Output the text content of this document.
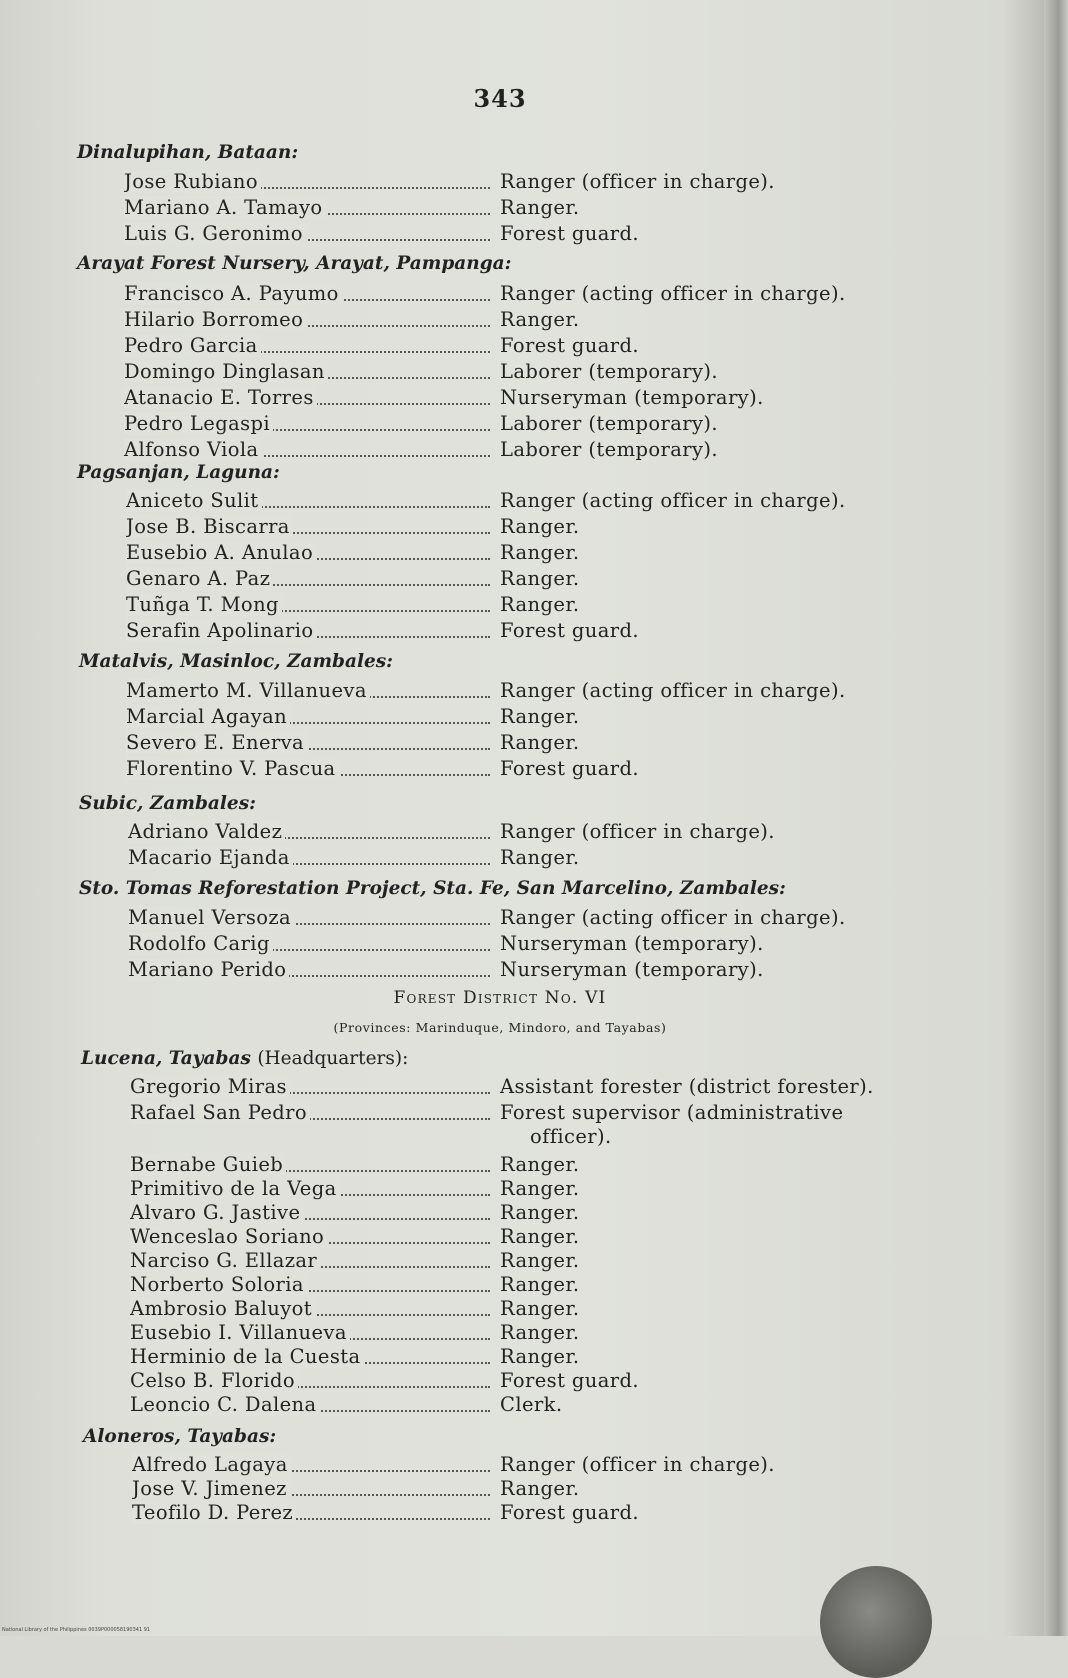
343
Dinalupihan, Bataan:
Jose Rubiano	Ranger (officer in charge).
Mariano A. Tamayo	Ranger.
Luis G. Geronimo	Forest guard.
Arayat Forest Nursery, Arayat, Pampanga:
Francisco A. Payumo	Ranger (acting officer in charge).
Hilario Borromeo	Ranger.
Pedro Garcia	Forest guard.
Domingo Dinglasan	Laborer (temporary).
Atanacio E. Torres	Nurseryman (temporary).
Pedro Legaspi	Laborer (temporary).
Alfonso Viola	Laborer (temporary).
Pagsanjan, Laguna:
Aniceto Sulit	Ranger (acting officer in charge).
Jose B. Biscarra	Ranger.
Eusebio A. Anulao	Ranger.
Genaro A. Paz	Ranger.
Tuñga T. Mong	Ranger.
Serafin Apolinario	Forest guard.
Matalvis, Masinloc, Zambales:
Mamerto M. Villanueva	Ranger (acting officer in charge).
Marcial Agayan	Ranger.
Severo E. Enerva	Ranger.
Florentino V. Pascua	Forest guard.
Subic, Zambales:
Adriano Valdez	Ranger (officer in charge).
Macario Ejanda	Ranger.
Sto. Tomas Reforestation Project, Sta. Fe, San Marcelino, Zambales:
Manuel Versoza	Ranger (acting officer in charge).
Rodolfo Carig	Nurseryman (temporary).
Mariano Perido	Nurseryman (temporary).
Lucena, Tayabas (Headquarters):
Gregorio Miras	Assistant forester (district forester).
Rafael San Pedro	Forest supervisor (administrative
officer).
Bernabe Guieb	Ranger.
Primitivo de la Vega	Ranger.
Alvaro G. Jastive	Ranger.
Wenceslao Soriano	Ranger.
Narciso G. Ellazar	Ranger.
Norberto Soloria	Ranger.
Ambrosio Baluyot	Ranger.
Eusebio I. Villanueva	Ranger.
Herminio de la Cuesta	Ranger.
Celso B. Florido	Forest guard.
Leoncio C. Dalena	Clerk.
Aloneros, Tayabas:
Alfredo Lagaya	Ranger (officer in charge).
Jose V. Jimenez	Ranger.
Teofilo D. Perez	Forest guard.
Forest District No. VI
(Provinces: Marinduque, Mindoro, and Tayabas)
National Library of the Philippines 0039P000058190341 91
